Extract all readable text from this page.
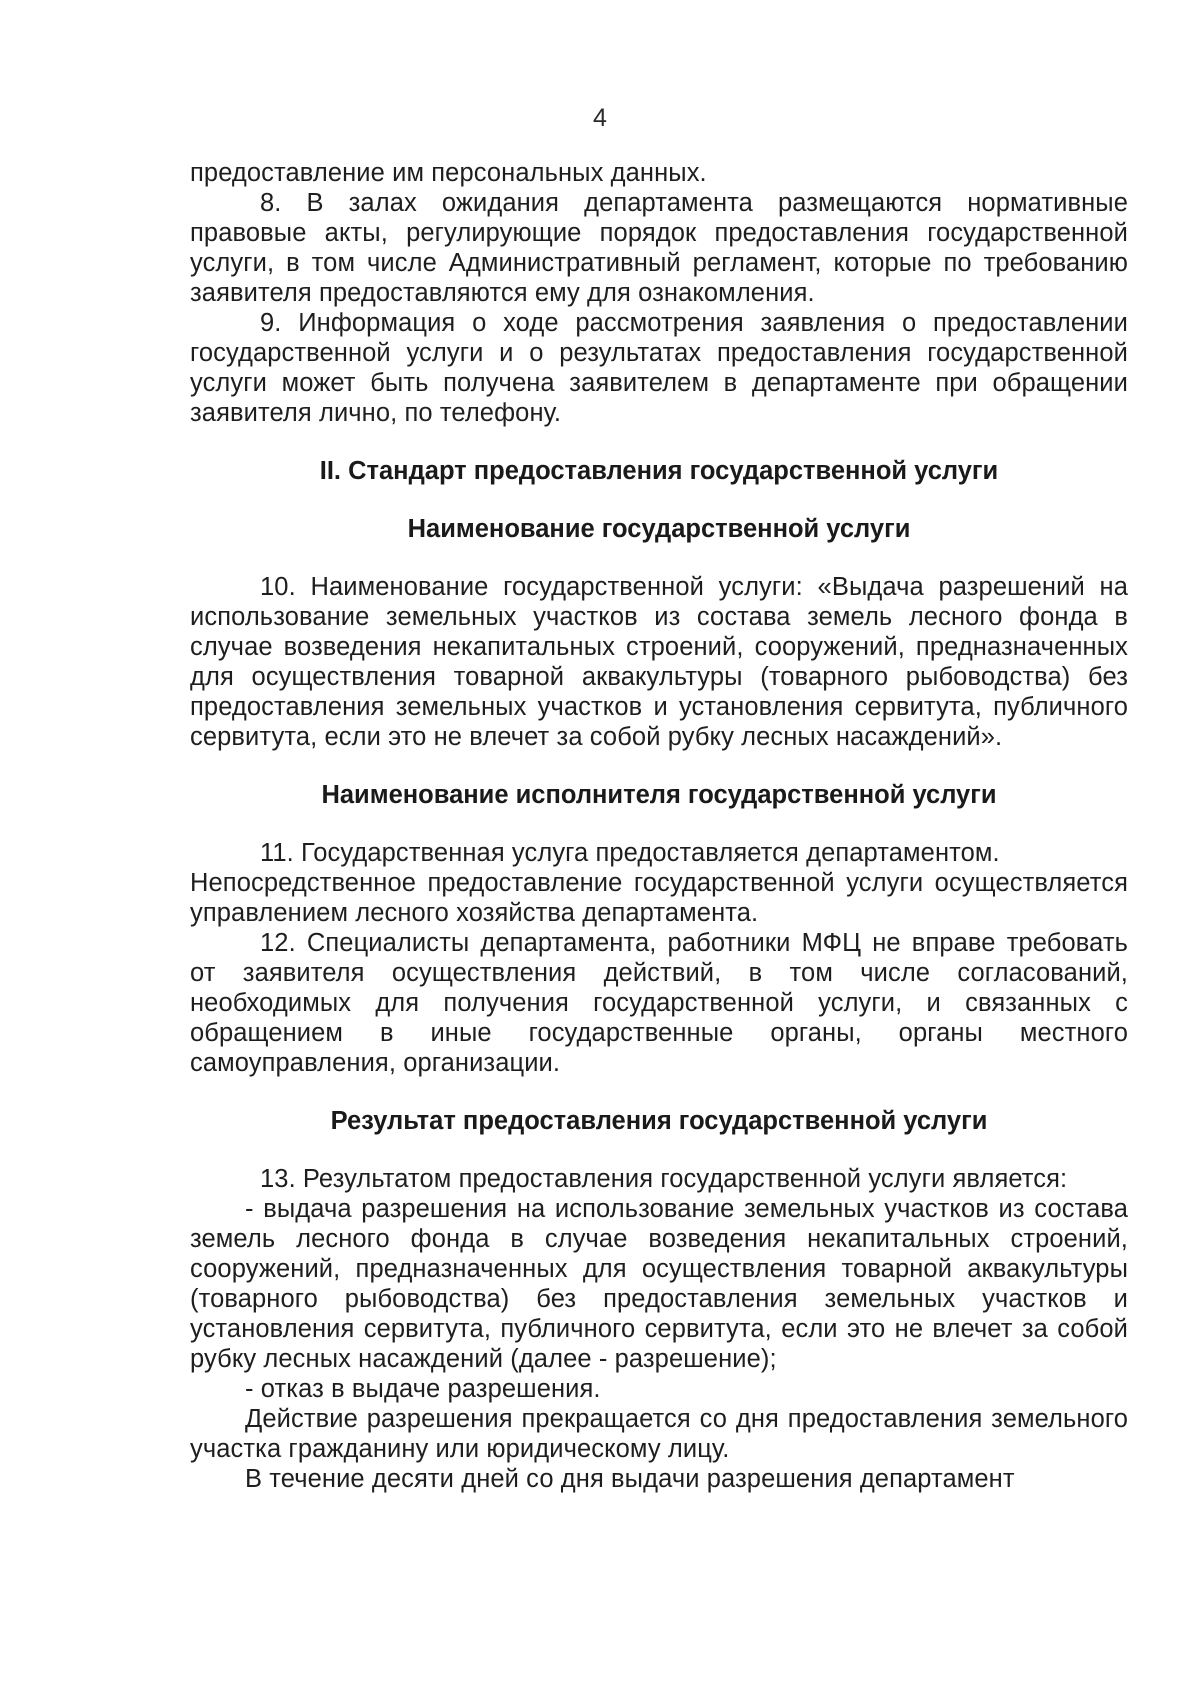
4

предоставление им персональных данных.

8. В залах ожидания департамента размещаются нормативные правовые акты, регулирующие порядок предоставления государственной услуги, в том числе Административный регламент, которые по требованию заявителя предоставляются ему для ознакомления.

9. Информация о ходе рассмотрения заявления о предоставлении государственной услуги и о результатах предоставления государственной услуги может быть получена заявителем в департаменте при обращении заявителя лично, по телефону.

II. Стандарт предоставления государственной услуги
Наименование государственной услуги

10. Наименование государственной услуги: «Выдача разрешений на использование земельных участков из состава земель лесного фонда в случае возведения некапитальных строений, сооружений, предназначенных для осуществления товарной аквакультуры (товарного рыбоводства) без предоставления земельных участков и установления сервитута, публичного сервитута, если это не влечет за собой рубку лесных насаждений».

Наименование исполнителя государственной услуги

11. Государственная услуга предоставляется департаментом.

Непосредственное предоставление государственной услуги осуществляется управлением лесного хозяйства департамента.

12. Специалисты департамента, работники МФЦ не вправе требовать от заявителя осуществления действий, в том числе согласований, необходимых для получения государственной услуги, и связанных с обращением в иные государственные органы, органы местного самоуправления, организации.

Результат предоставления государственной услуги

13. Результатом предоставления государственной услуги является:

- выдача разрешения на использование земельных участков из состава земель лесного фонда в случае возведения некапитальных строений, сооружений, предназначенных для осуществления товарной аквакультуры (товарного рыбоводства) без предоставления земельных участков и установления сервитута, публичного сервитута, если это не влечет за собой рубку лесных насаждений (далее - разрешение);

- отказ в выдаче разрешения.

Действие разрешения прекращается со дня предоставления земельного участка гражданину или юридическому лицу.

В течение десяти дней со дня выдачи разрешения департамент
